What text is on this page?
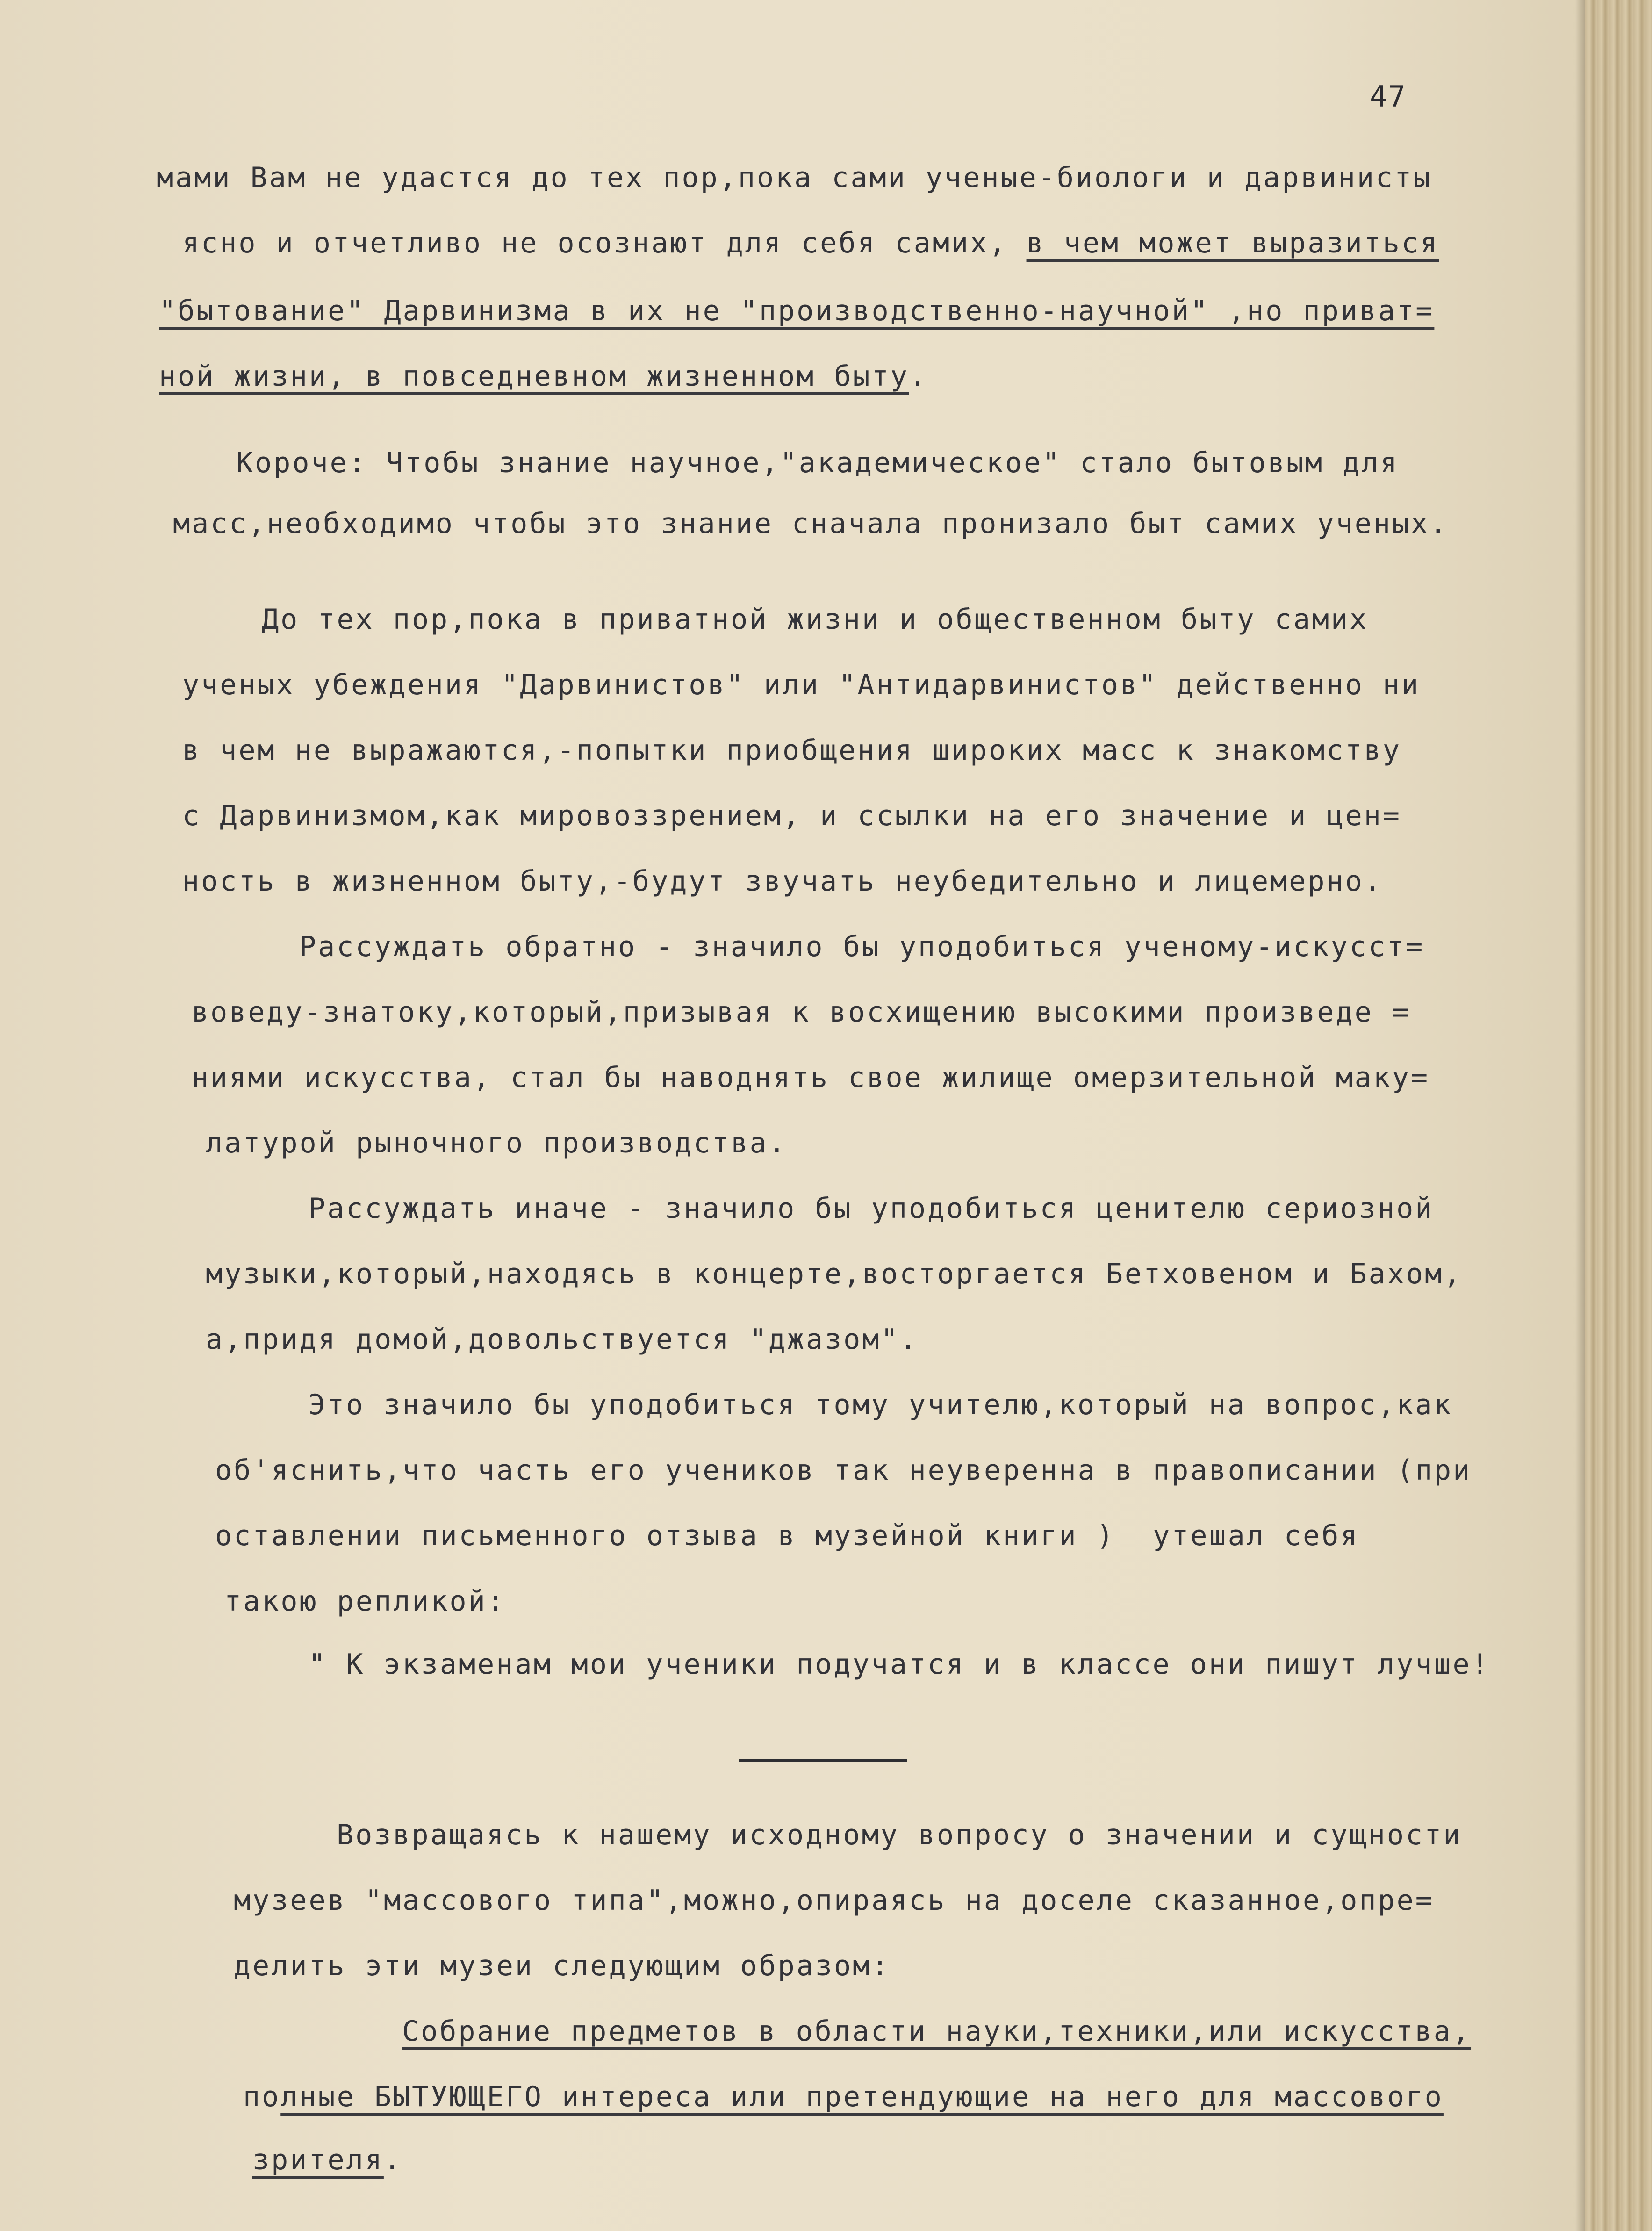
47
мами Вам не удастся до тех пор,пока сами ученые-биологи и дарвинисты
ясно и отчетливо не осознают для себя самих, в чем может выразиться
"бытование" Дарвинизма в их не "производственно-научной" ,но приват=
ной жизни, в повседневном жизненном быту.
Короче: Чтобы знание научное,"академическое" стало бытовым для
масс,необходимо чтобы это знание сначала пронизало быт самих ученых.
До тех пор,пока в приватной жизни и общественном быту самих
ученых убеждения "Дарвинистов" или "Антидарвинистов" действенно ни
в чем не выражаются,-попытки приобщения широких масс к знакомству
с Дарвинизмом,как мировоззрением, и ссылки на его значение и цен=
ность в жизненном быту,-будут звучать неубедительно и лицемерно.
Рассуждать обратно - значило бы уподобиться ученому-искусст=
воведу-знатоку,который,призывая к восхищению высокими произведе =
ниями искусства, стал бы наводнять свое жилище омерзительной маку=
латурой рыночного производства.
Рассуждать иначе - значило бы уподобиться ценителю сериозной
музыки,который,находясь в концерте,восторгается Бетховеном и Бахом,
а,придя домой,довольствуется "джазом".
Это значило бы уподобиться тому учителю,который на вопрос,как
об'яснить,что часть его учеников так неуверенна в правописании (при
оставлении письменного отзыва в музейной книги )  утешал себя
такою репликой:
" К экзаменам мои ученики подучатся и в классе они пишут лучше!
Возвращаясь к нашему исходному вопросу о значении и сущности
музеев "массового типа",можно,опираясь на доселе сказанное,опре=
делить эти музеи следующим образом:
Собрание предметов в области науки,техники,или искусства,
полные БЫТУЮЩЕГО интереса или претендующие на него для массового
зрителя.
